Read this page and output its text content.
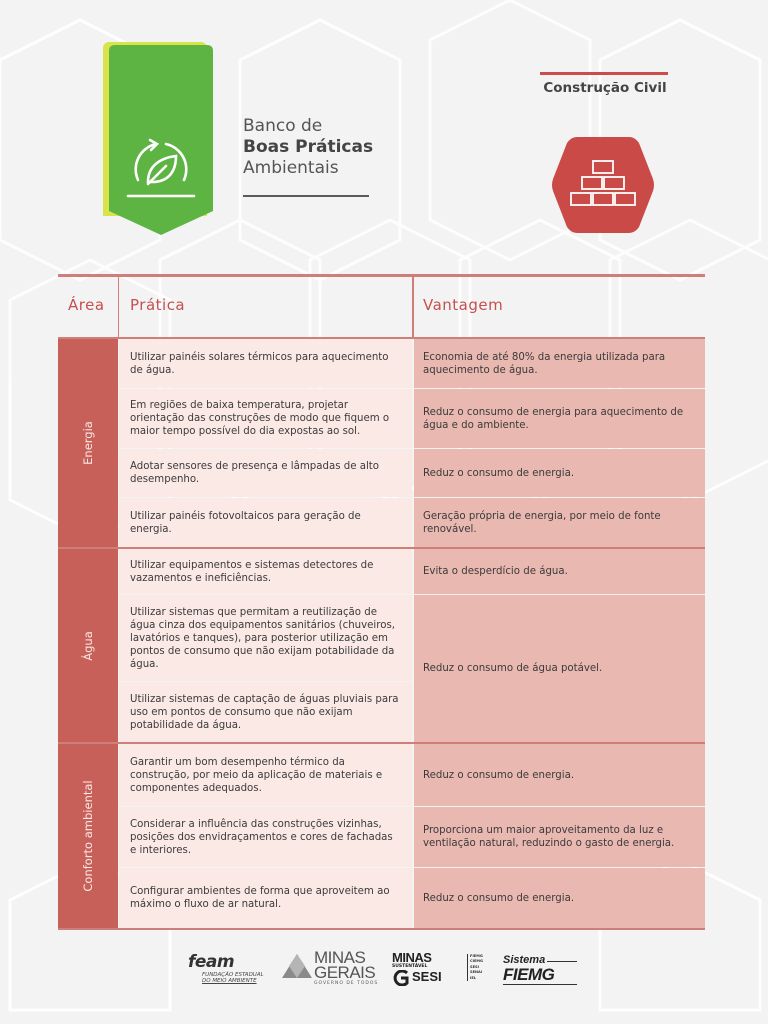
Banco de
Boas Práticas
Ambientais
Construção Civil
Área Prática	Vantagem
Energia
Água
Conforto ambiental
Utilizar painéis solares térmicos para aquecimento de água.
Em regiões de baixa temperatura, projetar orientação das construções de modo que fiquem o maior tempo possível do dia expostas ao sol.
Adotar sensores de presença e lâmpadas de alto desempenho.
Utilizar painéis fotovoltaicos para geração de energia.
Utilizar equipamentos e sistemas detectores de vazamentos e ineficiências.
Utilizar sistemas que permitam a reutilização de água cinza dos equipamentos sanitários (chuveiros, lavatórios e tanques), para posterior utilização em pontos de consumo que não exijam potabilidade da água.
Utilizar sistemas de captação de águas pluviais para uso em pontos de consumo que não exijam potabilidade da água.
Garantir um bom desempenho térmico da construção, por meio da aplicação de materiais e componentes adequados.
Considerar a influência das construções vizinhas, posições dos envidraçamentos e cores de fachadas e interiores.
Configurar ambientes de forma que aproveitem ao máximo o fluxo de ar natural.
Economia de até 80% da energia utilizada para aquecimento de água.
Reduz o consumo de energia para aquecimento de água e do ambiente.
Reduz o consumo de energia.
Geração própria de energia, por meio de fonte renovável.
Evita o desperdício de água.
Reduz o consumo de água potável.
Reduz o consumo de energia.
Proporciona um maior aproveitamento da luz e ventilação natural, reduzindo o gasto de energia.
Reduz o consumo de energia.
feam
FUNDAÇÃO ESTADUAL
DO MEIO AMBIENTE
MINAS
GERAIS
GOVERNO DE TODOS
MINAS
SUSTENTÁVEL
SESI
FIEMG
CIEMG
SESI
SENAI
IEL
Sistema
FIEMG
